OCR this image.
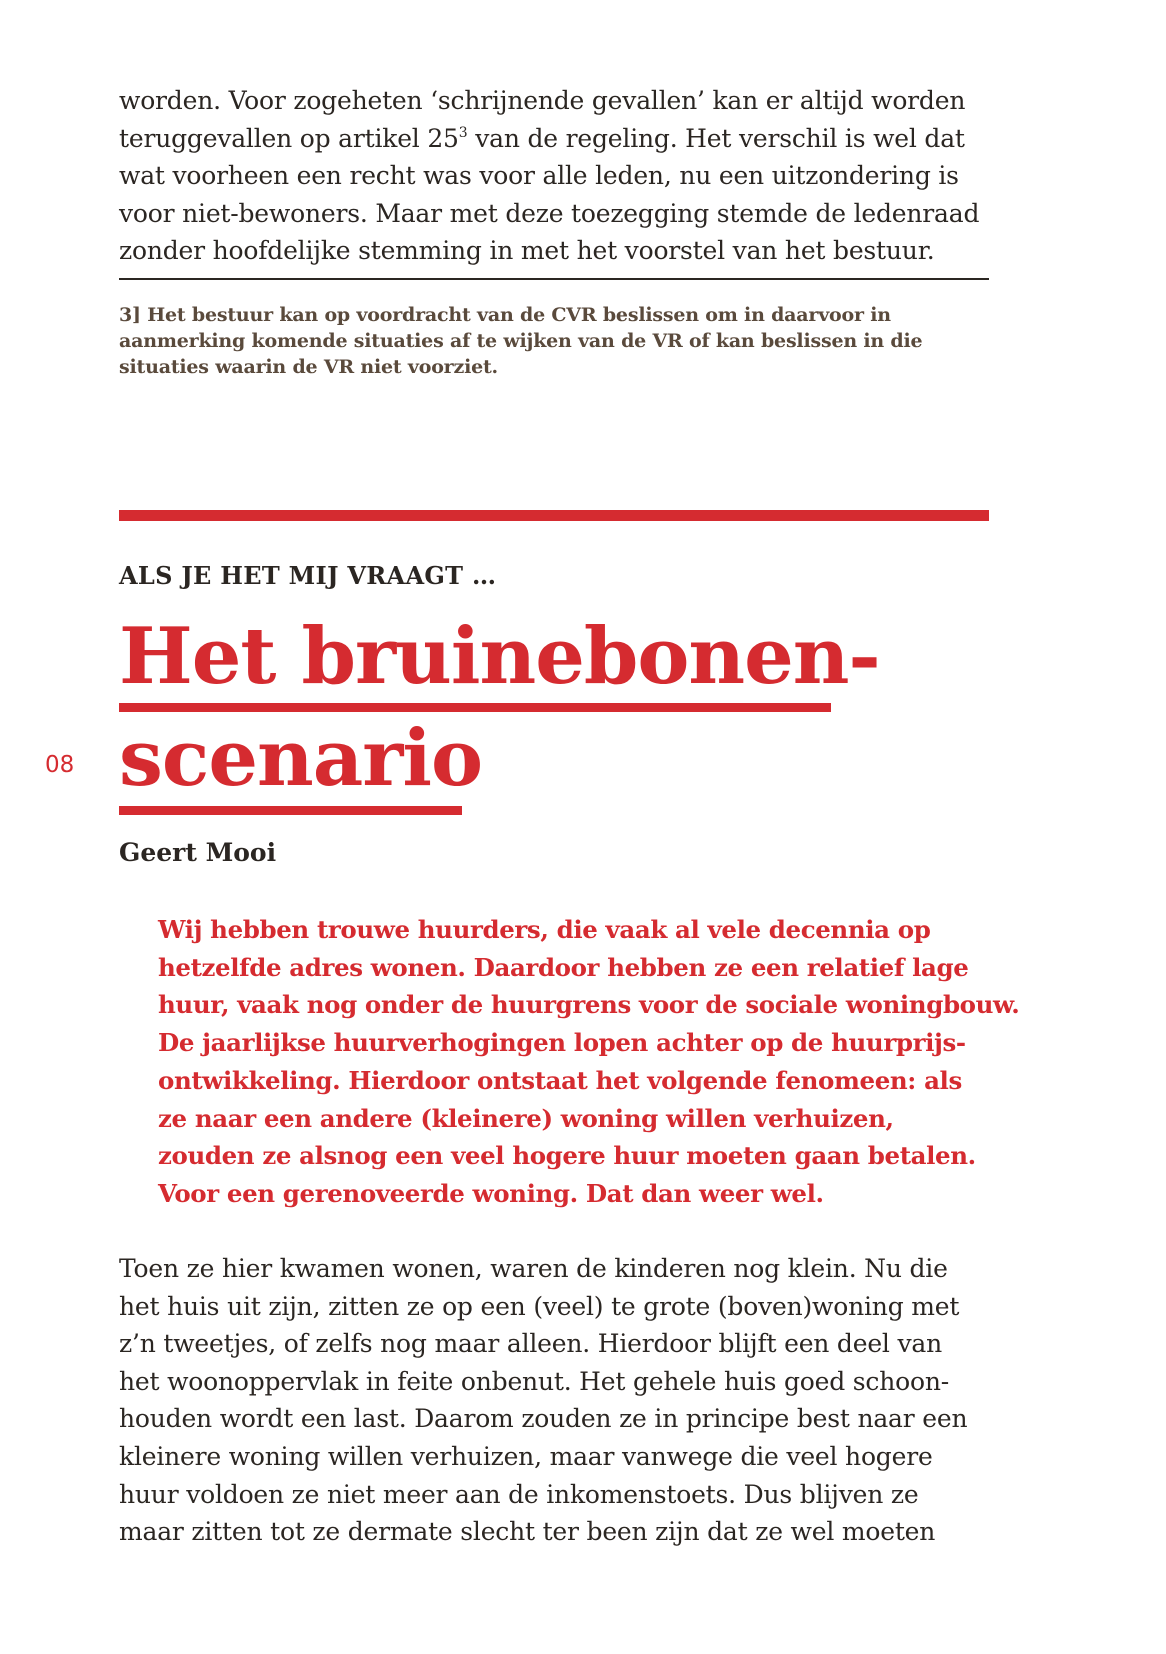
worden. Voor zogeheten ‘schrijnende gevallen’ kan er altijd worden
teruggevallen op artikel $25^3$ van de regeling. Het verschil is wel dat
wat voorheen een recht was voor alle leden, nu een uitzondering is
voor niet-bewoners. Maar met deze toezegging stemde de ledenraad
zonder hoofdelijke stemming in met het voorstel van het bestuur.
3] Het bestuur kan op voordracht van de CVR beslissen om in daarvoor in
aanmerking komende situaties af te wijken van de VR of kan beslissen in die
situaties waarin de VR niet voorziet.
ALS JE HET MIJ VRAAGT …
Het bruinebonen-
scenario
08
Geert Mooi
Wij hebben trouwe huurders, die vaak al vele decennia op
hetzelfde adres wonen. Daardoor hebben ze een relatief lage
huur, vaak nog onder de huurgrens voor de sociale woningbouw.
De jaarlijkse huurverhogingen lopen achter op de huurprijs-
ontwikkeling. Hierdoor ontstaat het volgende fenomeen: als
ze naar een andere (kleinere) woning willen verhuizen,
zouden ze alsnog een veel hogere huur moeten gaan betalen.
Voor een gerenoveerde woning. Dat dan weer wel.
Toen ze hier kwamen wonen, waren de kinderen nog klein. Nu die
het huis uit zijn, zitten ze op een (veel) te grote (boven)woning met
z’n tweetjes, of zelfs nog maar alleen. Hierdoor blijft een deel van
het woonoppervlak in feite onbenut. Het gehele huis goed schoon-
houden wordt een last. Daarom zouden ze in principe best naar een
kleinere woning willen verhuizen, maar vanwege die veel hogere
huur voldoen ze niet meer aan de inkomenstoets. Dus blijven ze
maar zitten tot ze dermate slecht ter been zijn dat ze wel moeten
